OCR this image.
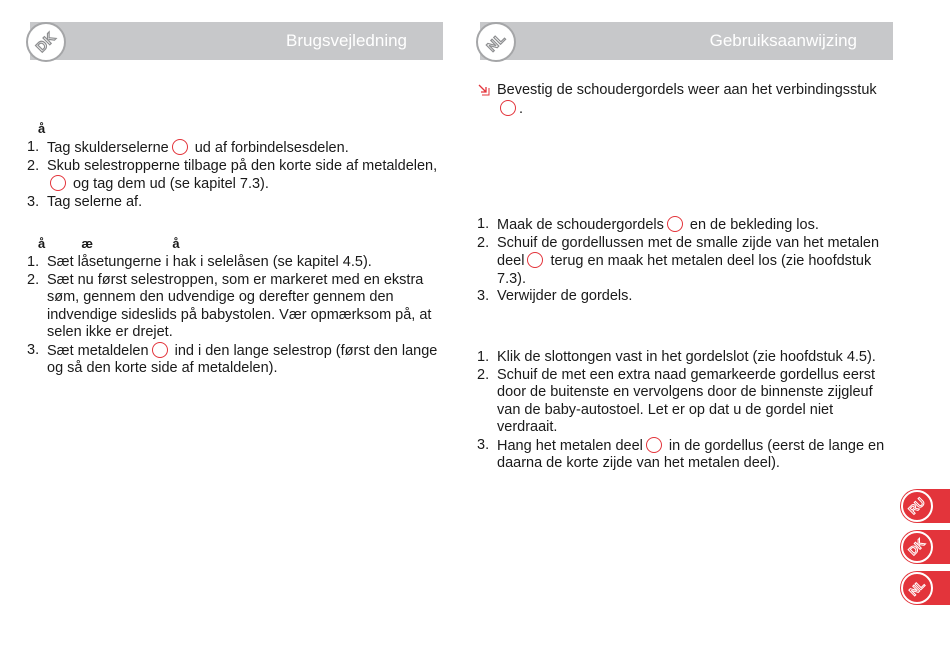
Brugsvejledning
DK	Gebruiksaanwijzing
NL
å
1. Tag skulderselerne ud af forbindelsesdelen.
2. Skub selestropperne tilbage på den korte side af metaldelen, og tag dem ud (se kapitel 7.3).
3. Tag selerne af.
å          æ                      å
1. Sæt låsetungerne i hak i selelåsen (se kapitel 4.5).
2. Sæt nu først selestroppen, som er markeret med en ekstra søm, gennem den udvendige og derefter gennem den indvendige sideslids på babystolen. Vær opmærksom på, at selen ikke er drejet.
3. Sæt metaldelen ind i den lange selestrop (først den lange og så den korte side af metaldelen).
Bevestig de schoudergordels weer aan het verbindingsstuk.
1. Maak de schoudergordels en de bekleding los.
2. Schuif de gordellussen met de smalle zijde van het metalen deel terug en maak het metalen deel los (zie hoofdstuk 7.3).
3. Verwijder de gordels.
1. Klik de slottongen vast in het gordelslot (zie hoofdstuk 4.5).
2. Schuif de met een extra naad gemarkeerde gordellus eerst door de buitenste en vervolgens door de binnenste zijgleuf van de baby-autostoel. Let er op dat u de gordel niet verdraait.
3. Hang het metalen deel in de gordellus (eerst de lange en daarna de korte zijde van het metalen deel).
RU
DK
NL
